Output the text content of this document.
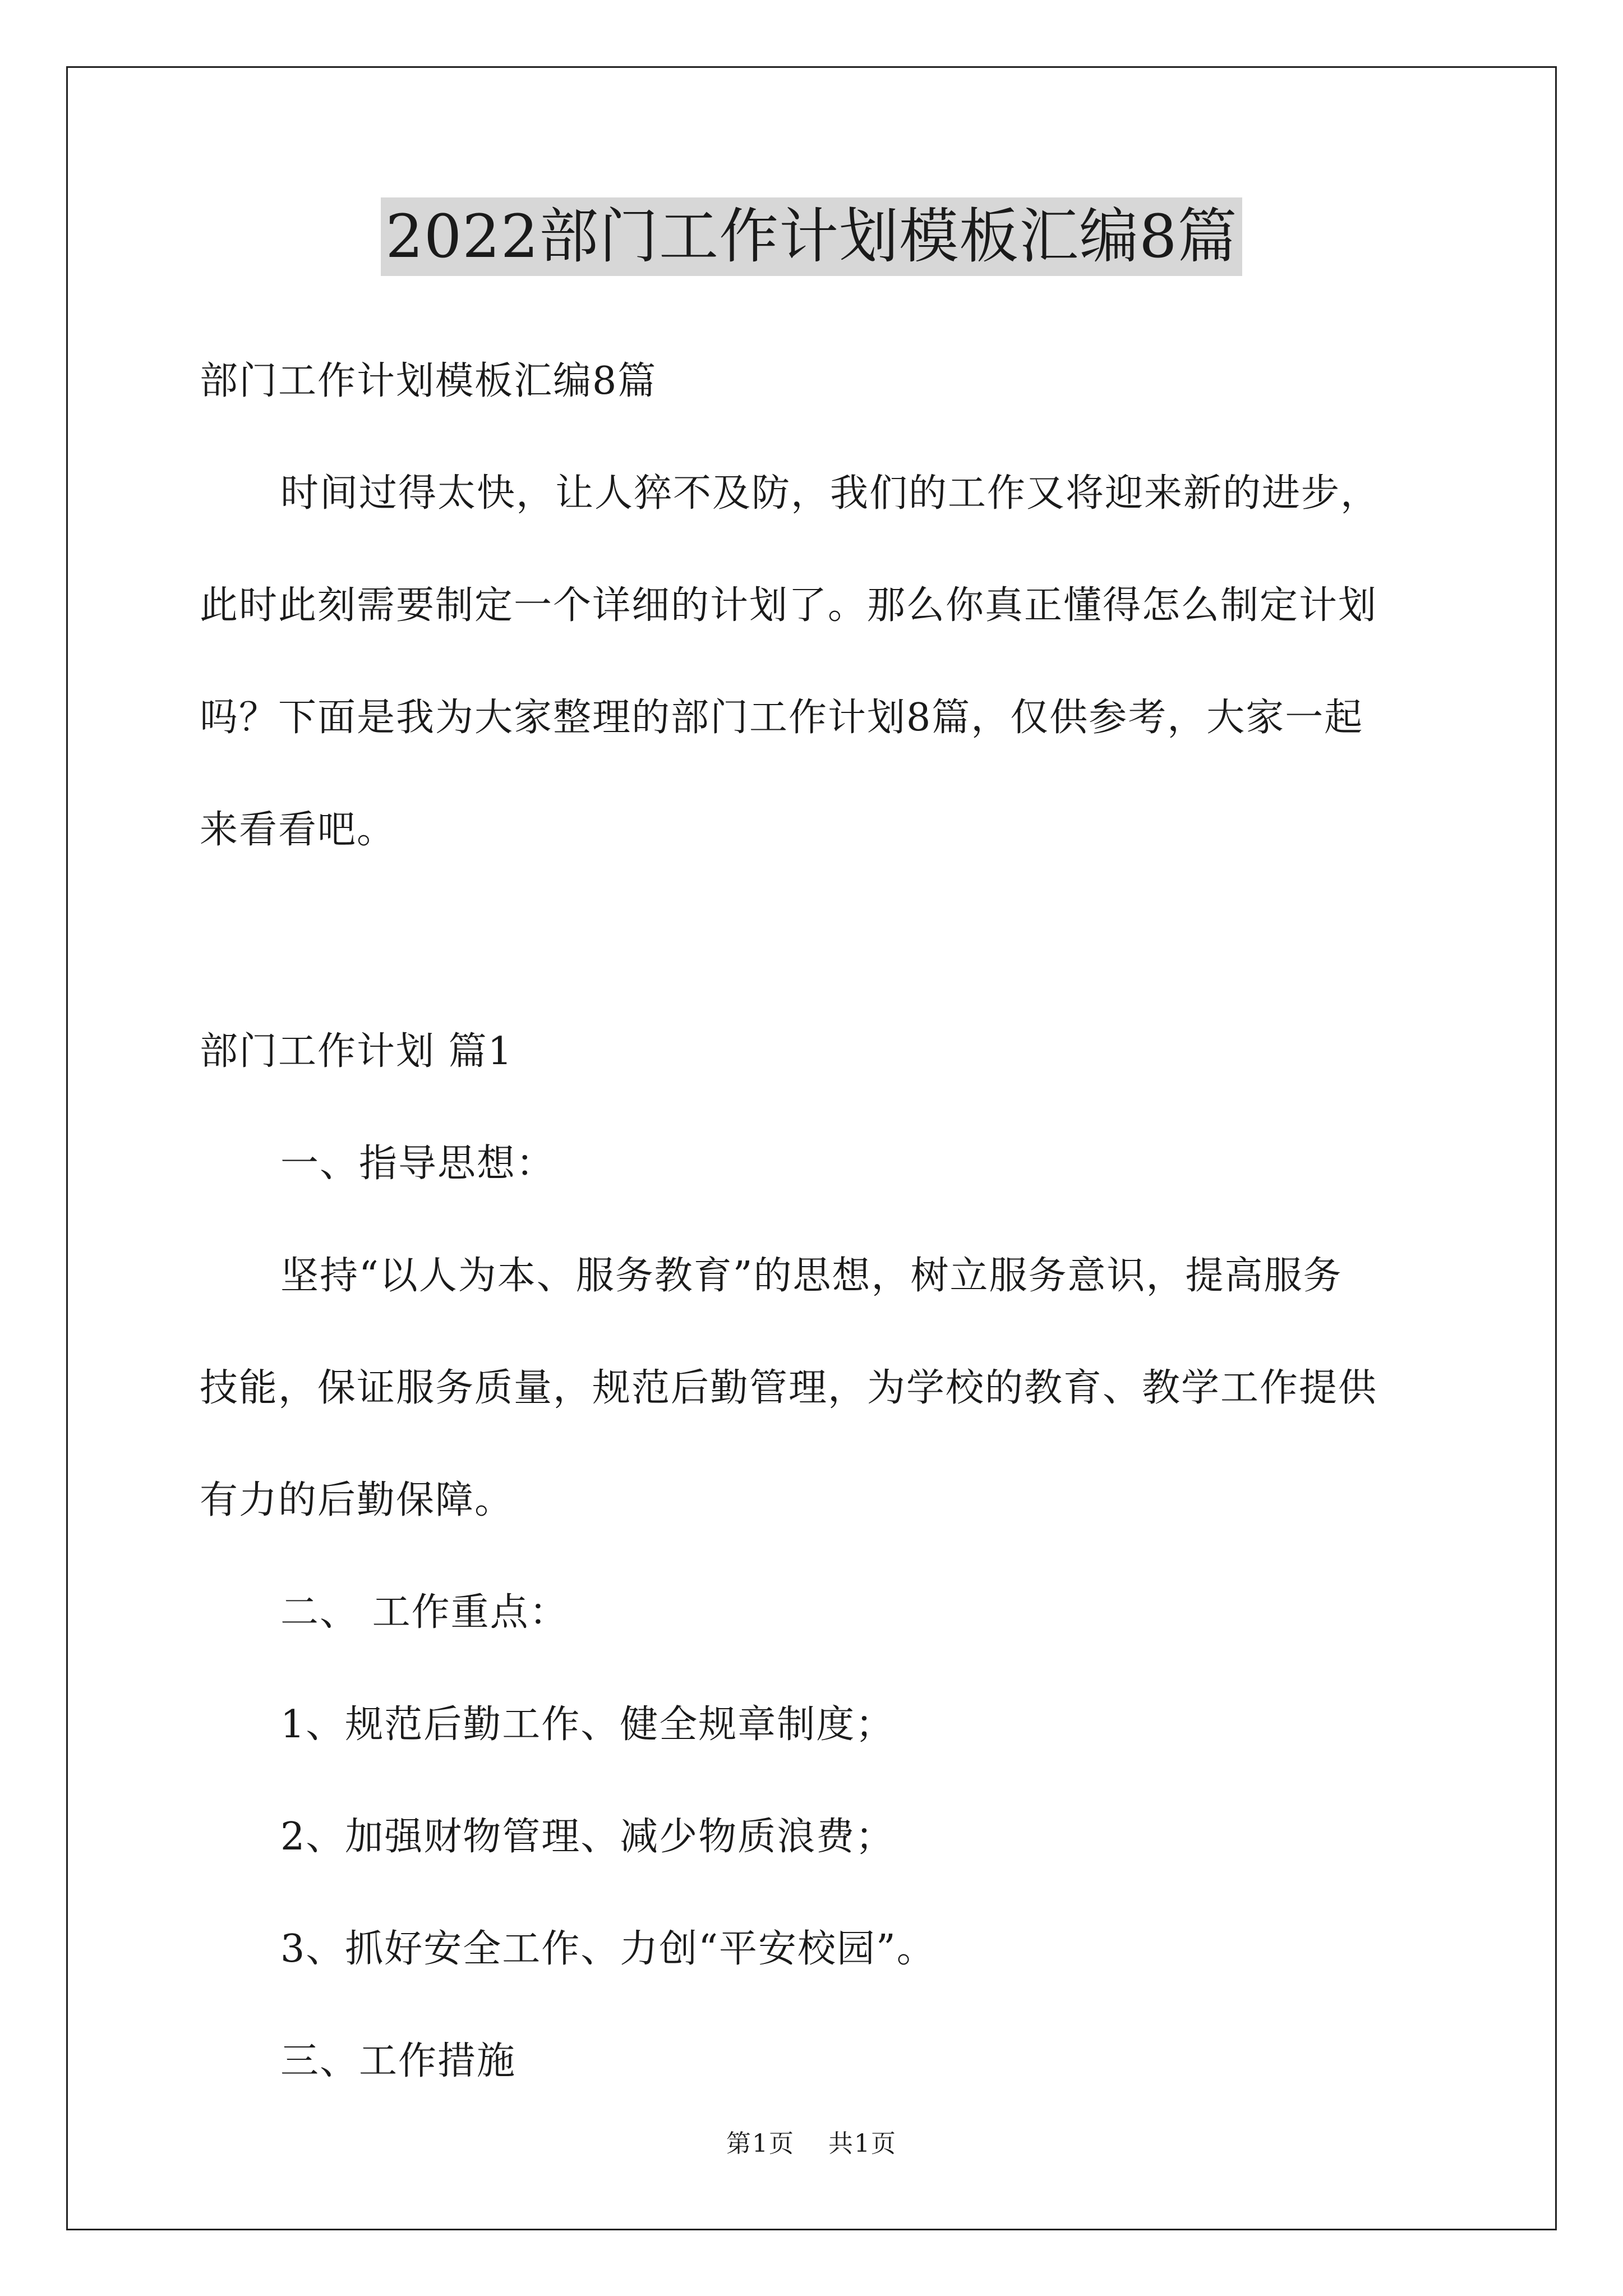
2022部门工作计划模板汇编8篇
部门工作计划模板汇编8篇
时间过得太快，让人猝不及防，我们的工作又将迎来新的进步，
此时此刻需要制定一个详细的计划了。那么你真正懂得怎么制定计划
吗？下面是我为大家整理的部门工作计划8篇，仅供参考，大家一起
来看看吧。
部门工作计划 篇1
一、指导思想：
坚持“以人为本、服务教育”的思想，树立服务意识，提高服务
技能，保证服务质量，规范后勤管理，为学校的教育、教学工作提供
有力的后勤保障。
二、 工作重点：
1、规范后勤工作、健全规章制度；
2、加强财物管理、减少物质浪费；
3、抓好安全工作、力创“平安校园”。
三、工作措施
第1页 共1页
